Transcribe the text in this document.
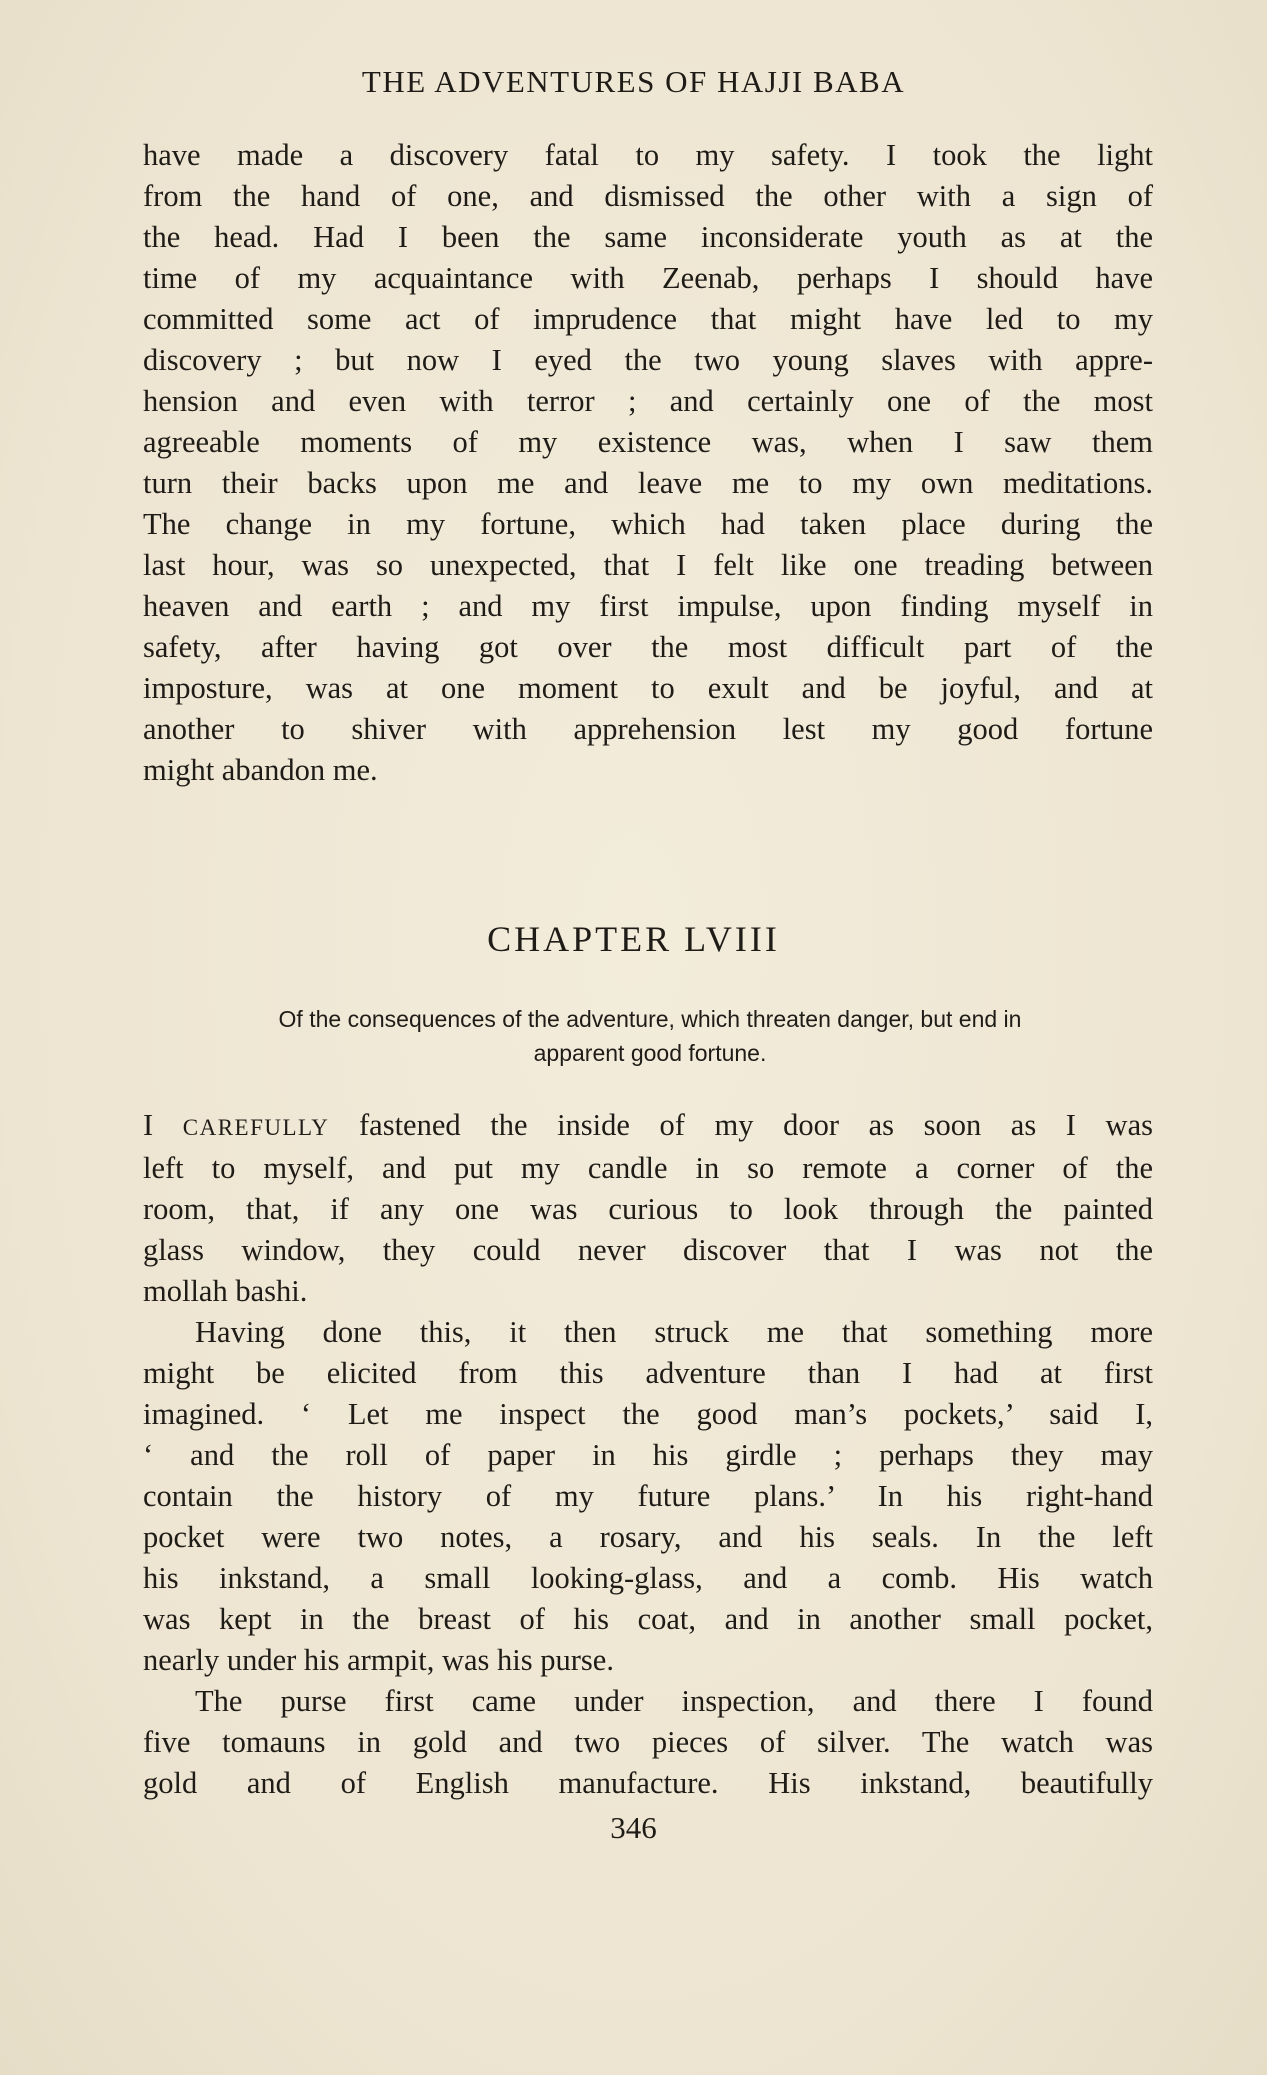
THE ADVENTURES OF HAJJI BABA

have made a discovery fatal to my safety. I took the light

from the hand of one, and dismissed the other with a sign of

the head. Had I been the same inconsiderate youth as at the

time of my acquaintance with Zeenab, perhaps I should have

committed some act of imprudence that might have led to my

discovery ; but now I eyed the two young slaves with appre-

hension and even with terror ; and certainly one of the most

agreeable moments of my existence was, when I saw them

turn their backs upon me and leave me to my own meditations.

The change in my fortune, which had taken place during the

last hour, was so unexpected, that I felt like one treading between

heaven and earth ; and my first impulse, upon finding myself in

safety, after having got over the most difficult part of the

imposture, was at one moment to exult and be joyful, and at

another to shiver with apprehension lest my good fortune

might abandon me.

CHAPTER LVIII
Of the consequences of the adventure, which threaten danger, but end in
apparent good fortune.

I CAREFULLY fastened the inside of my door as soon as I was

left to myself, and put my candle in so remote a corner of the

room, that, if any one was curious to look through the painted

glass window, they could never discover that I was not the

mollah bashi.

Having done this, it then struck me that something more

might be elicited from this adventure than I had at first

imagined. ‘ Let me inspect the good man’s pockets,’ said I,

‘ and the roll of paper in his girdle ; perhaps they may

contain the history of my future plans.’ In his right-hand

pocket were two notes, a rosary, and his seals. In the left

his inkstand, a small looking-glass, and a comb. His watch

was kept in the breast of his coat, and in another small pocket,

nearly under his armpit, was his purse.

The purse first came under inspection, and there I found

five tomauns in gold and two pieces of silver. The watch was

gold and of English manufacture. His inkstand, beautifully

346
